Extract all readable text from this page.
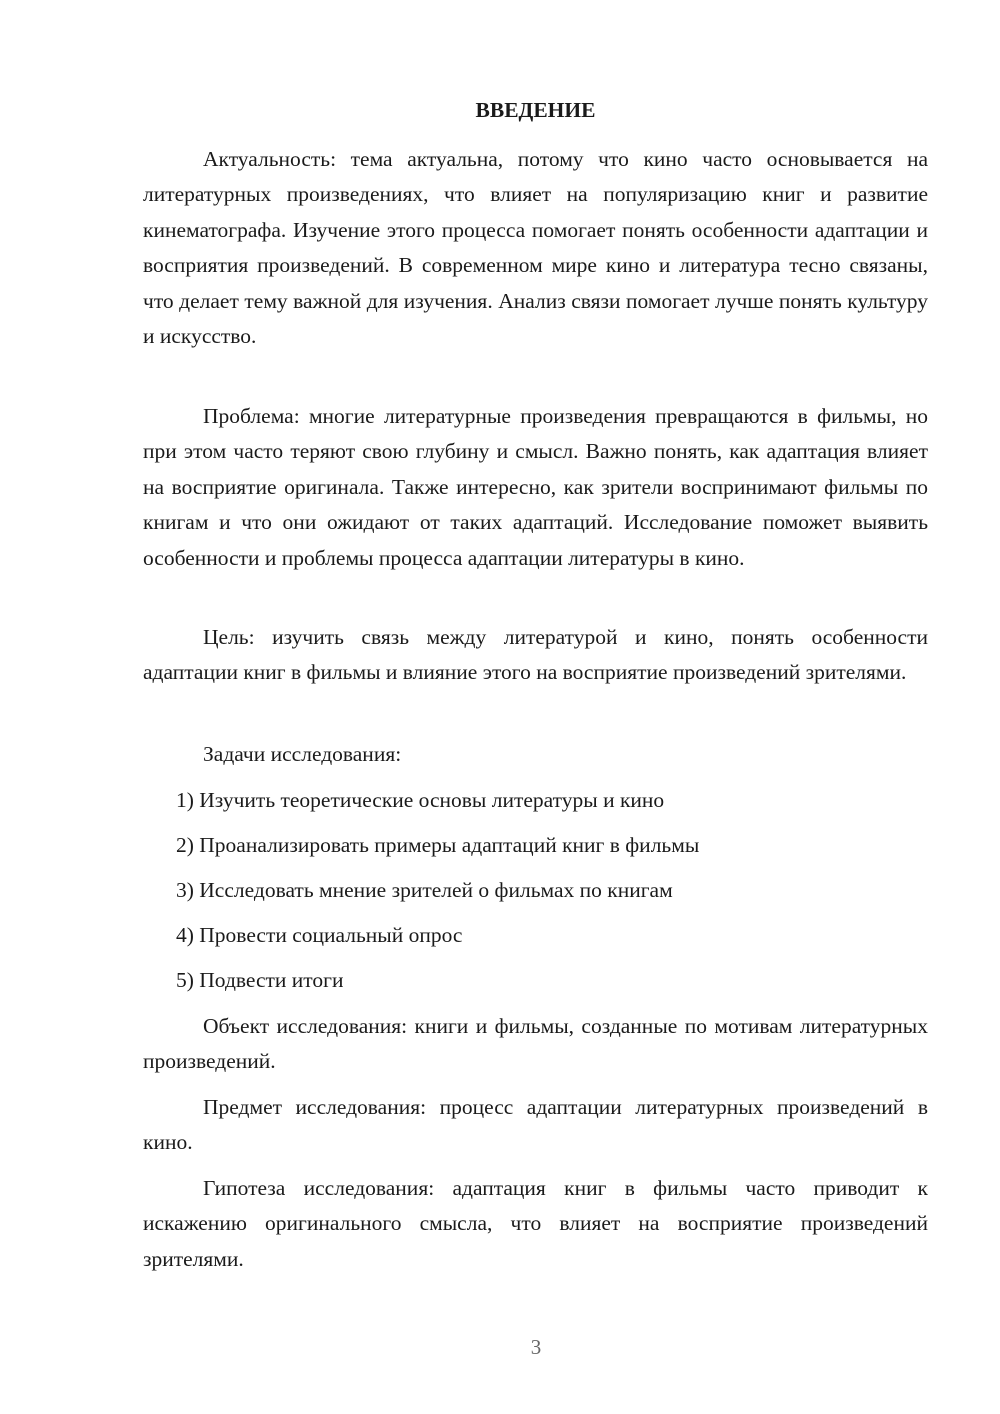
ВВЕДЕНИЕ

Актуальность: тема актуальна, потому что кино часто основывается на литературных произведениях, что влияет на популяризацию книг и развитие кинематографа. Изучение этого процесса помогает понять особенности адаптации и восприятия произведений. В современном мире кино и литература тесно связаны, что делает тему важной для изучения. Анализ связи помогает лучше понять культуру и искусство.

Проблема: многие литературные произведения превращаются в фильмы, но при этом часто теряют свою глубину и смысл. Важно понять, как адаптация влияет на восприятие оригинала. Также интересно, как зрители воспринимают фильмы по книгам и что они ожидают от таких адаптаций. Исследование поможет выявить особенности и проблемы процесса адаптации литературы в кино.

Цель: изучить связь между литературой и кино, понять особенности адаптации книг в фильмы и влияние этого на восприятие произведений зрителями.

Задачи исследования:

1) Изучить теоретические основы литературы и кино

2) Проанализировать примеры адаптаций книг в фильмы

3) Исследовать мнение зрителей о фильмах по книгам

4) Провести социальный опрос

5) Подвести итоги

Объект исследования: книги и фильмы, созданные по мотивам литературных произведений.

Предмет исследования: процесс адаптации литературных произведений в кино.

Гипотеза исследования: адаптация книг в фильмы часто приводит к искажению оригинального смысла, что влияет на восприятие произведений зрителями.

3
